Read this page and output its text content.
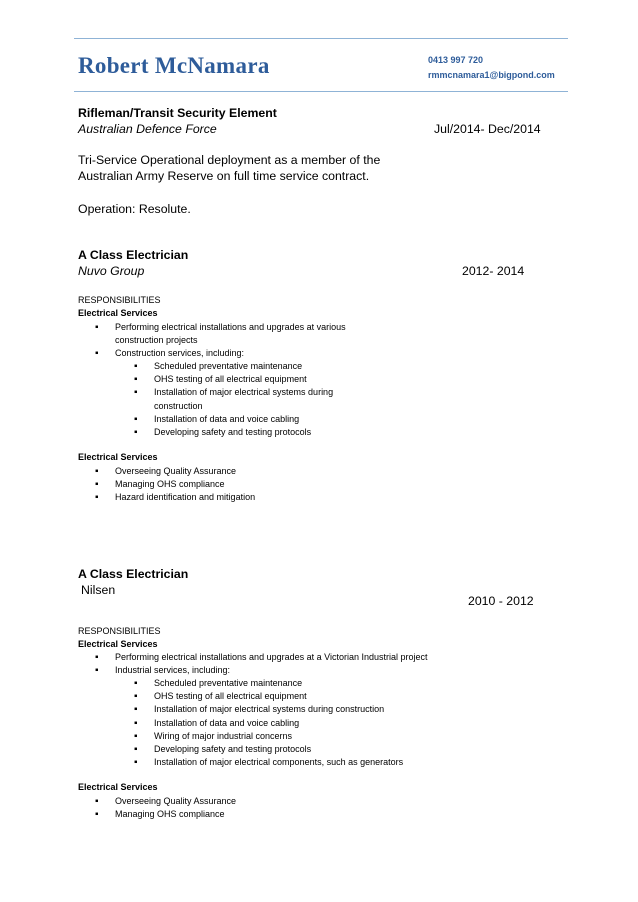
Robert McNamara	0413 997 720
rmmcnamara1@bigpond.com
Rifleman/Transit Security Element
Australian Defence Force	Jul/2014- Dec/2014
Tri-Service Operational deployment as a member of the
Australian Army Reserve on full time service contract.
Operation: Resolute.
A Class Electrician
Nuvo Group	2012- 2014
RESPONSIBILITIES
Electrical Services
▪ Performing electrical installations and upgrades at various
construction projects
▪ Construction services, including:
▪ Scheduled preventative maintenance
▪ OHS testing of all electrical equipment
▪ Installation of major electrical systems during
construction
▪ Installation of data and voice cabling
▪ Developing safety and testing protocols
Electrical Services
▪ Overseeing Quality Assurance
▪ Managing OHS compliance
▪ Hazard identification and mitigation
A Class Electrician
Nilsen
2010 - 2012
RESPONSIBILITIES
Electrical Services
▪ Performing electrical installations and upgrades at a Victorian Industrial project
▪ Industrial services, including:
▪ Scheduled preventative maintenance
▪ OHS testing of all electrical equipment
▪ Installation of major electrical systems during construction
▪ Installation of data and voice cabling
▪ Wiring of major industrial concerns
▪ Developing safety and testing protocols
▪ Installation of major electrical components, such as generators
Electrical Services
▪ Overseeing Quality Assurance
▪ Managing OHS compliance
